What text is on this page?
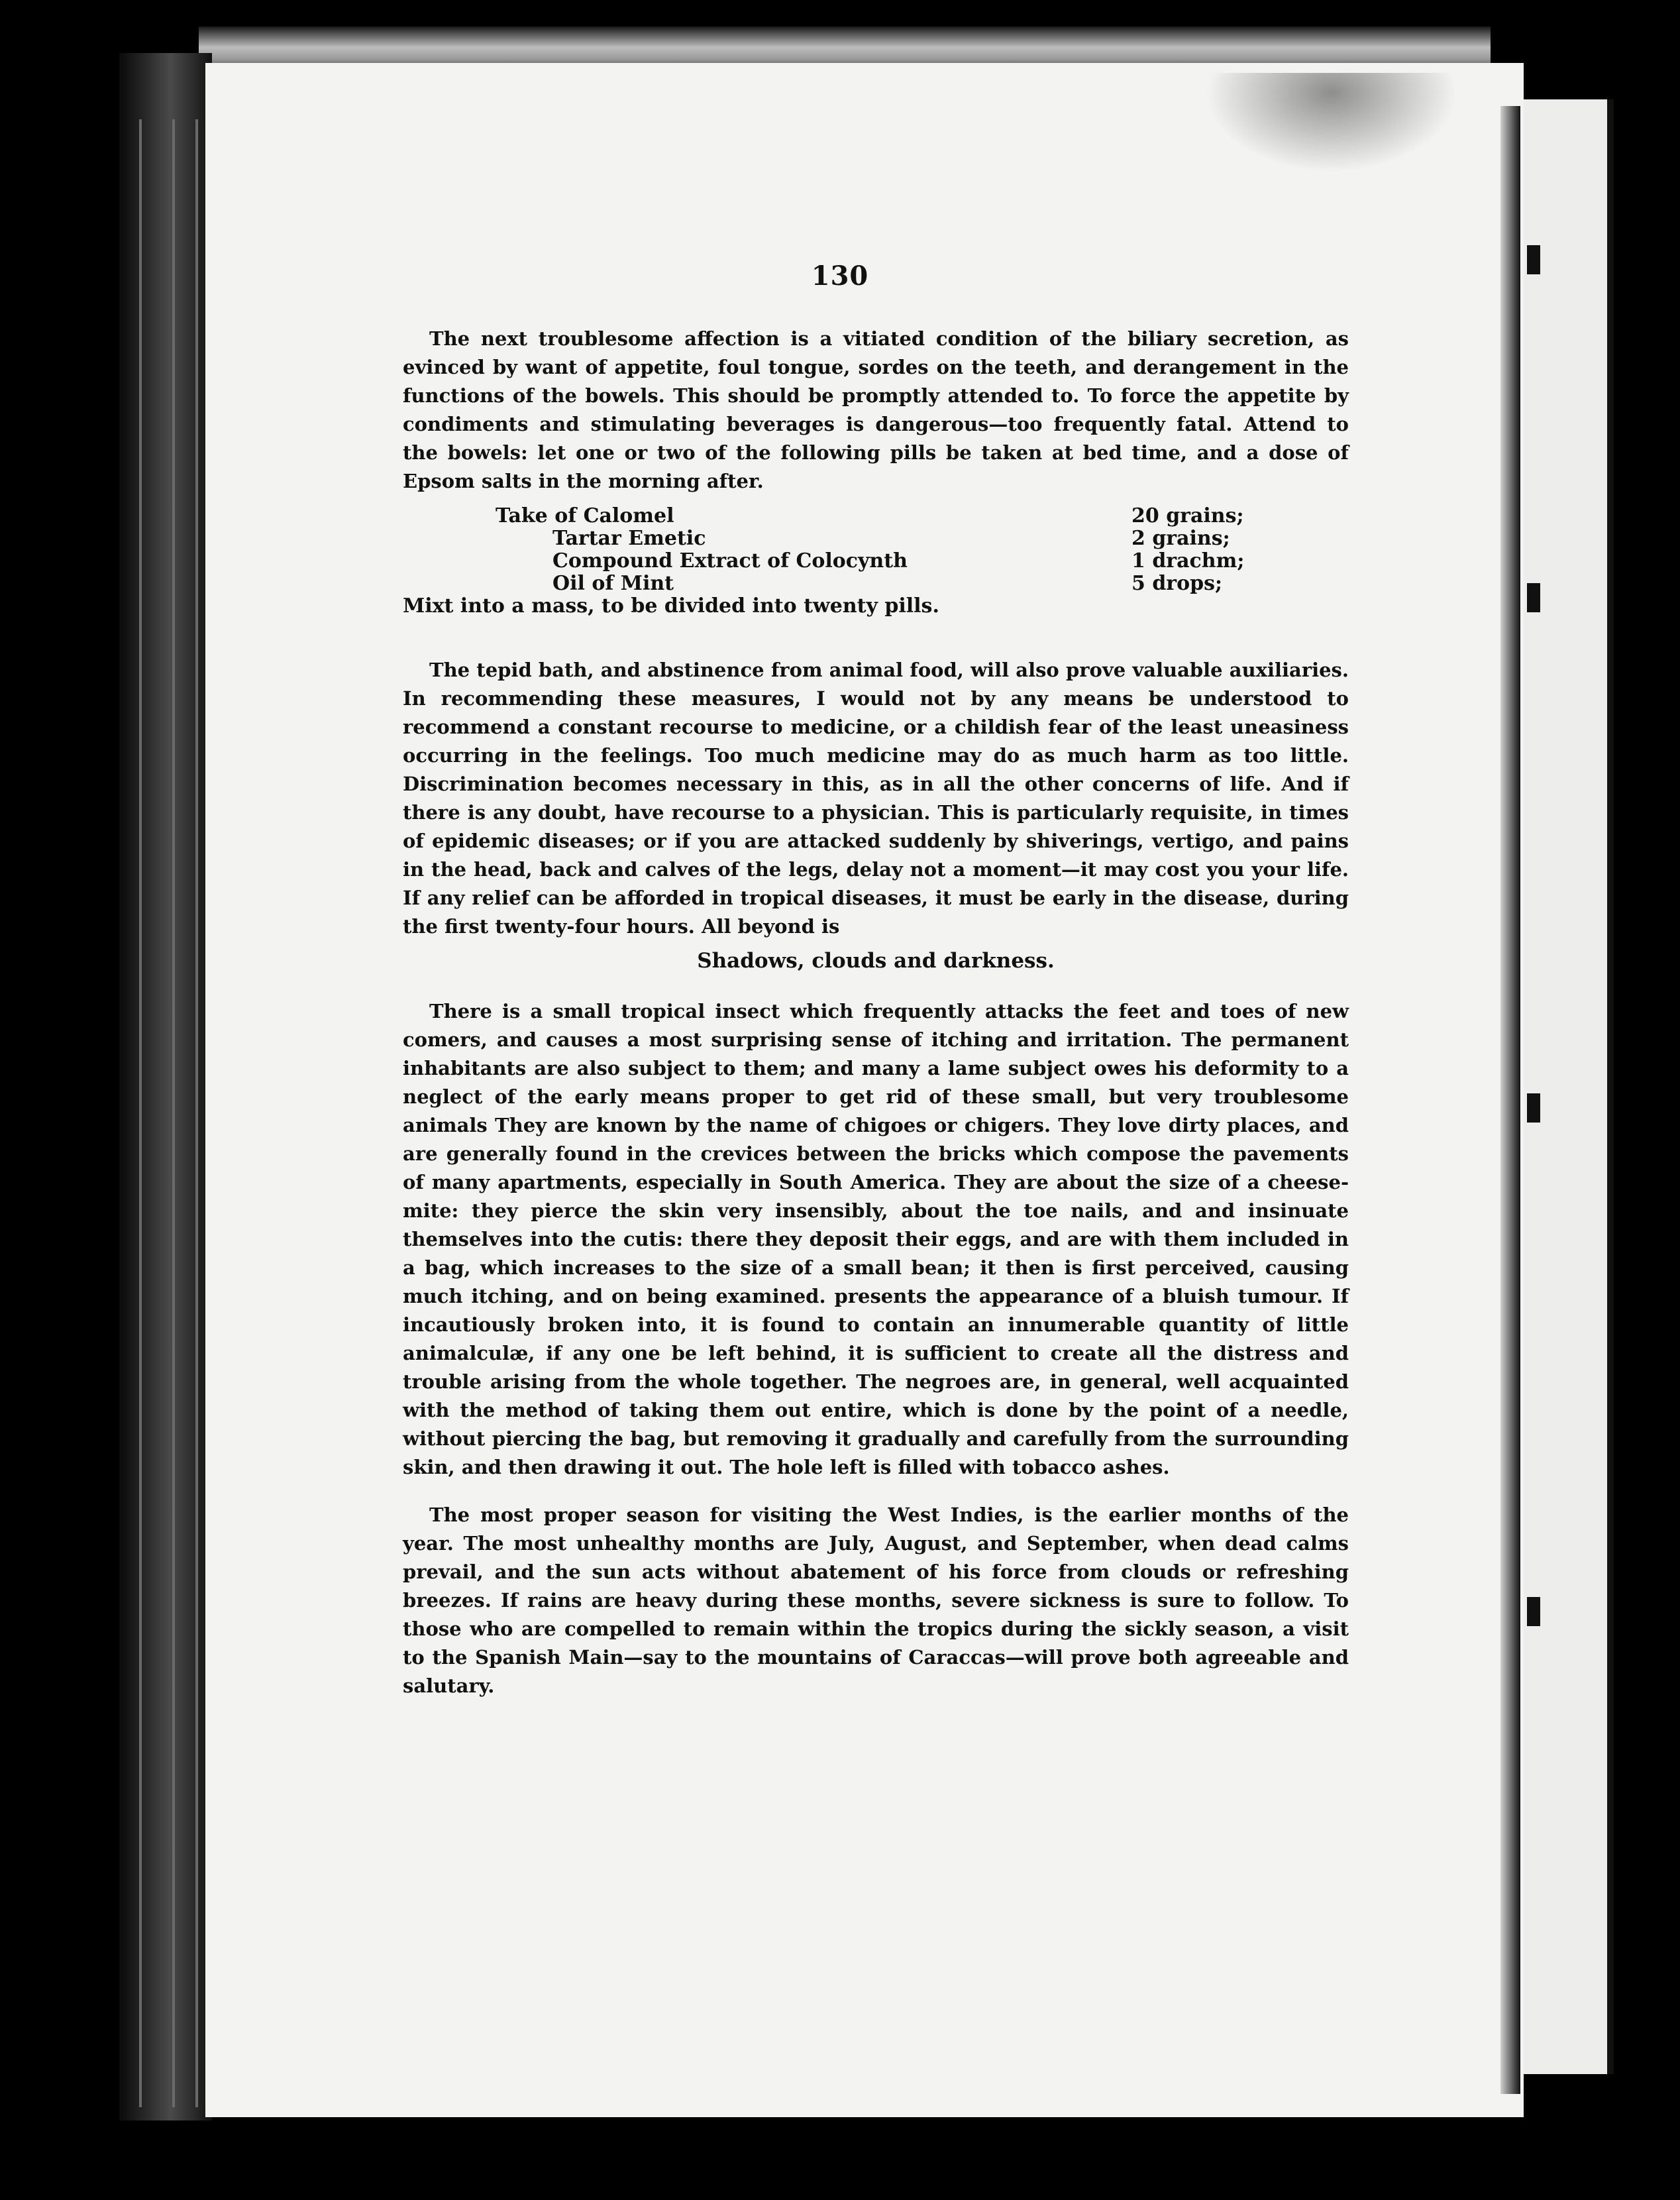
130

The next troublesome affection is a vitiated condition of the biliary secretion, as evinced by want of appetite, foul tongue, sordes on the teeth, and derangement in the functions of the bowels. This should be promptly attended to. To force the appetite by condiments and stimulating beverages is dangerous—too frequently fatal. Attend to the bowels: let one or two of the following pills be taken at bed time, and a dose of Epsom salts in the morning after.

Take of Calomel	20 grains;
Tartar Emetic	2 grains;
Compound Extract of Colocynth	1 drachm;
Oil of Mint	5 drops;
Mixt into a mass, to be divided into twenty pills.

The tepid bath, and abstinence from animal food, will also prove valuable auxiliaries. In recommending these measures, I would not by any means be understood to recommend a constant recourse to medicine, or a childish fear of the least uneasiness occurring in the feelings. Too much medicine may do as much harm as too little. Discrimination becomes necessary in this, as in all the other concerns of life. And if there is any doubt, have recourse to a physician. This is particularly requisite, in times of epidemic diseases; or if you are attacked suddenly by shiverings, vertigo, and pains in the head, back and calves of the legs, delay not a moment—it may cost you your life. If any relief can be afforded in tropical diseases, it must be early in the disease, during the first twenty-four hours. All beyond is

Shadows, clouds and darkness.

There is a small tropical insect which frequently attacks the feet and toes of new comers, and causes a most surprising sense of itching and irritation. The permanent inhabitants are also subject to them; and many a lame subject owes his deformity to a neglect of the early means proper to get rid of these small, but very troublesome animals They are known by the name of chigoes or chigers. They love dirty places, and are generally found in the crevices between the bricks which compose the pavements of many apartments, especially in South America. They are about the size of a cheese-mite: they pierce the skin very insensibly, about the toe nails, and and insinuate themselves into the cutis: there they deposit their eggs, and are with them included in a bag, which increases to the size of a small bean; it then is first perceived, causing much itching, and on being examined. presents the appearance of a bluish tumour. If incautiously broken into, it is found to contain an innumerable quantity of little animalculæ, if any one be left behind, it is sufficient to create all the distress and trouble arising from the whole together. The negroes are, in general, well acquainted with the method of taking them out entire, which is done by the point of a needle, without piercing the bag, but removing it gradually and carefully from the surrounding skin, and then drawing it out. The hole left is filled with tobacco ashes.

The most proper season for visiting the West Indies, is the earlier months of the year. The most unhealthy months are July, August, and September, when dead calms prevail, and the sun acts without abatement of his force from clouds or refreshing breezes. If rains are heavy during these months, severe sickness is sure to follow. To those who are compelled to remain within the tropics during the sickly season, a visit to the Spanish Main—say to the mountains of Caraccas—will prove both agreeable and salutary.
